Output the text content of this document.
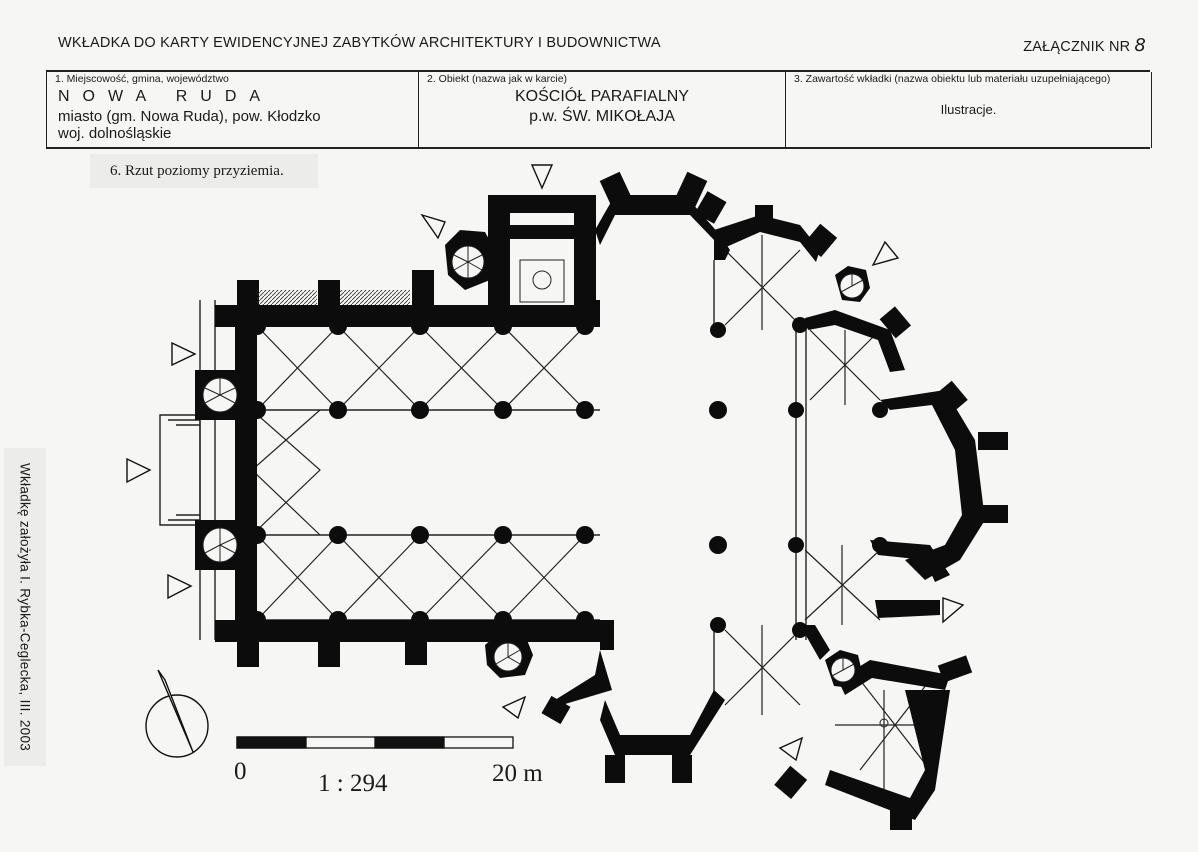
WKŁADKA DO KARTY EWIDENCYJNEJ ZABYTKÓW ARCHITEKTURY I BUDOWNICTWA	ZAŁĄCZNIK NR 8
1. Miejscowość, gmina, województwo
NOWA RUDA
miasto (gm. Nowa Ruda), pow. Kłodzko
woj. dolnośląskie
2. Obiekt (nazwa jak w karcie)
KOŚCIÓŁ PARAFIALNY
p.w. ŚW. MIKOŁAJA
3. Zawartość wkładki (nazwa obiektu lub materiału uzupełniającego)
Ilustracje.
6. Rzut poziomy przyziemia.
Wkładkę założyła I. Rybka-Ceglecka, III. 2003
0	1 : 294	20 m
